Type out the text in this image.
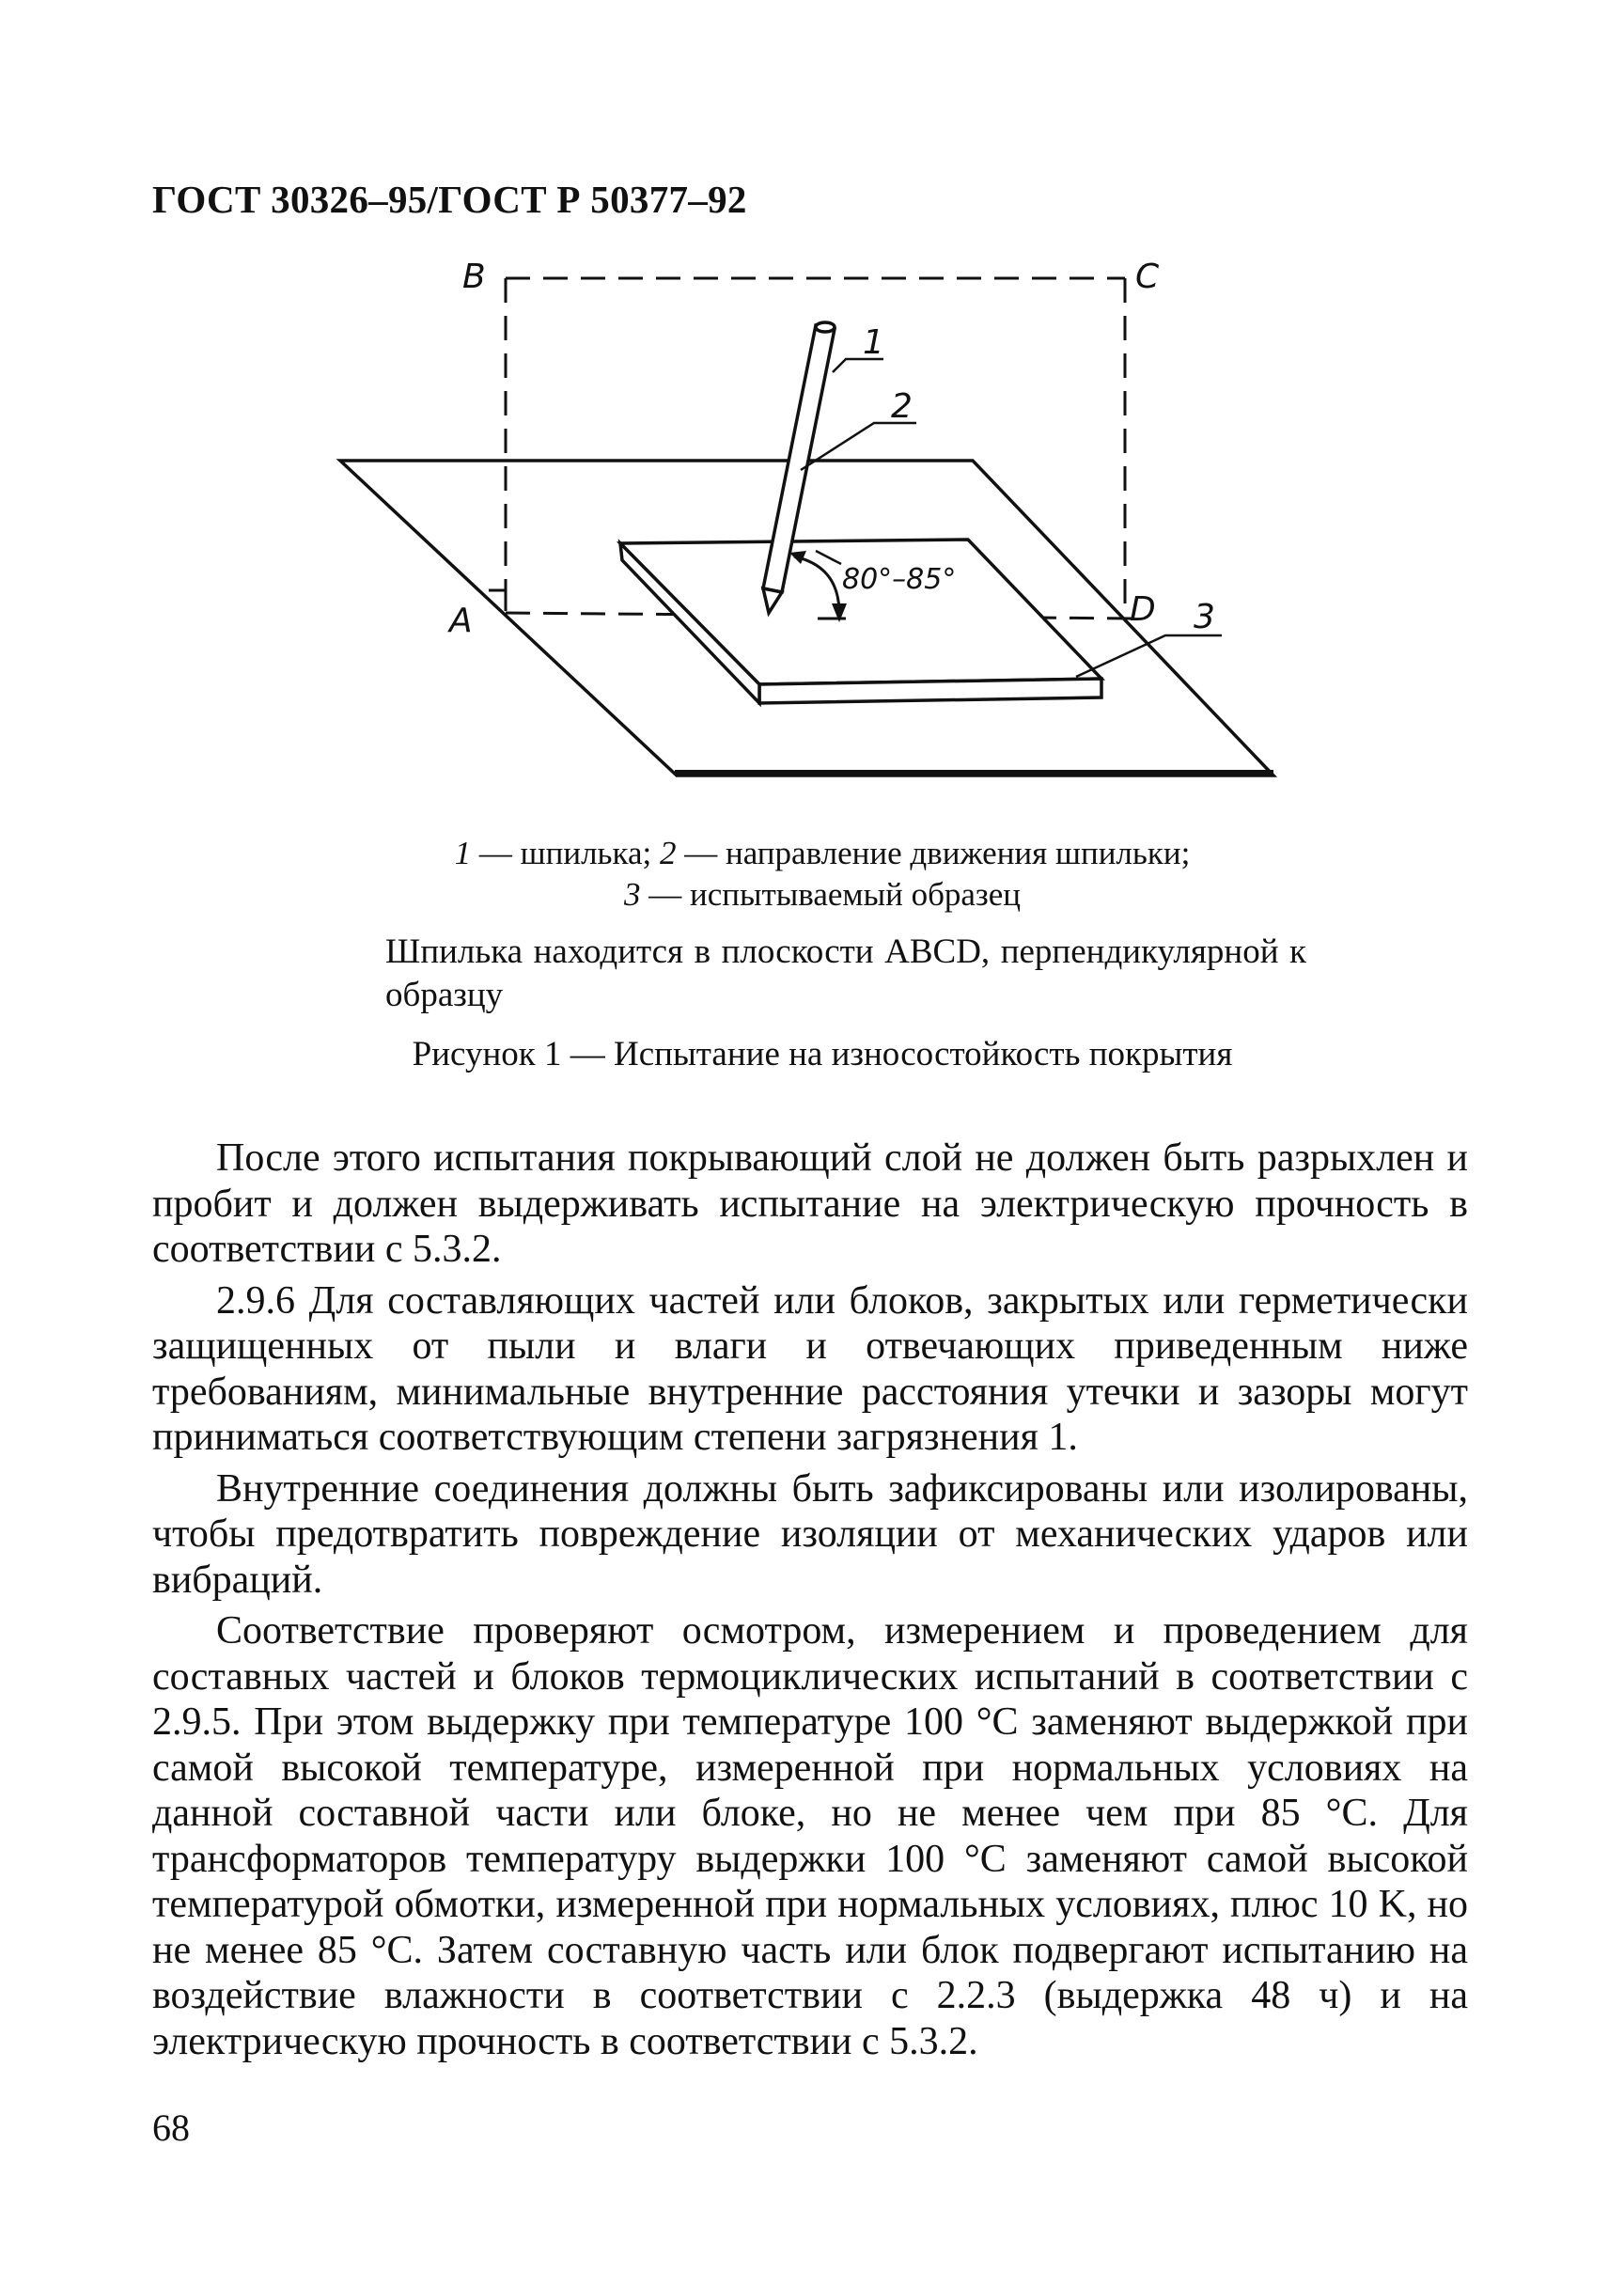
ГОСТ 30326–95/ГОСТ Р 50377–92
B	C
A	D
1
2
3
80°–85°
1 — шпилька; 2 — направление движения шпильки;
3 — испытываемый образец
Шпилька находится в плоскости ABCD, перпендикулярной к образцу
Рисунок 1 — Испытание на износостойкость покрытия

После этого испытания покрывающий слой не должен быть разрыхлен и пробит и должен выдерживать испытание на электрическую прочность в соответствии с 5.3.2.

2.9.6 Для составляющих частей или блоков, закрытых или герметически защищенных от пыли и влаги и отвечающих приведенным ниже требованиям, минимальные внутренние расстояния утечки и зазоры могут приниматься соответствующим степени загрязнения 1.

Внутренние соединения должны быть зафиксированы или изолированы, чтобы предотвратить повреждение изоляции от механических ударов или вибраций.

Соответствие проверяют осмотром, измерением и проведением для составных частей и блоков термоциклических испытаний в соответствии с 2.9.5. При этом выдержку при температуре 100 °С заменяют выдержкой при самой высокой температуре, измеренной при нормальных условиях на данной составной части или блоке, но не менее чем при 85 °С. Для трансформаторов температуру выдержки 100 °С заменяют самой высокой температурой обмотки, измеренной при нормальных условиях, плюс 10 K, но не менее 85 °С. Затем составную часть или блок подвергают испытанию на воздействие влажности в соответствии с 2.2.3 (выдержка 48 ч) и на электрическую прочность в соответствии с 5.3.2.

68
